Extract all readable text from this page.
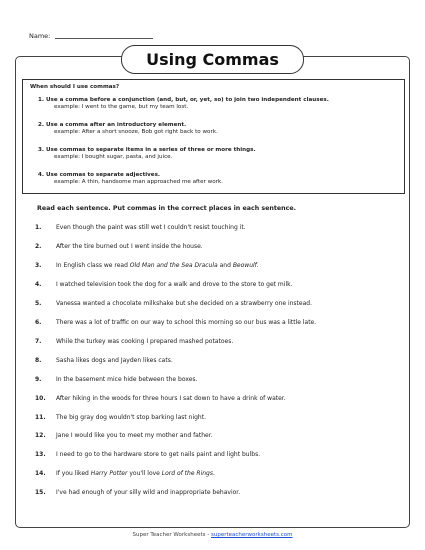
Name:
Using Commas
When should I use commas?
1. Use a comma before a conjunction (and, but, or, yet, so) to join two independent clauses.
example: I went to the game, but my team lost.
2. Use a comma after an introductory element.
example: After a short snooze, Bob got right back to work.
3. Use commas to separate items in a series of three or more things.
example: I bought sugar, pasta, and juice.
4. Use commas to separate adjectives.
example: A thin, handsome man approached me after work.
Read each sentence. Put commas in the correct places in each sentence.
1.	Even though the paint was still wet I couldn't resist touching it.
2.	After the tire burned out I went inside the house.
3.	In English class we read Old Man and the Sea Dracula and Beowulf.
4.	I watched television took the dog for a walk and drove to the store to get milk.
5.	Vanessa wanted a chocolate milkshake but she decided on a strawberry one instead.
6.	There was a lot of traffic on our way to school this morning so our bus was a little late.
7.	While the turkey was cooking I prepared mashed potatoes.
8.	Sasha likes dogs and Jayden likes cats.
9.	In the basement mice hide between the boxes.
10.	After hiking in the woods for three hours I sat down to have a drink of water.
11.	The big gray dog wouldn't stop barking last night.
12.	Jane I would like you to meet my mother and father.
13.	I need to go to the hardware store to get nails paint and light bulbs.
14.	If you liked Harry Potter you'll love Lord of the Rings.
15.	I've had enough of your silly wild and inappropriate behavior.
Super Teacher Worksheets - superteacherworksheets.com
